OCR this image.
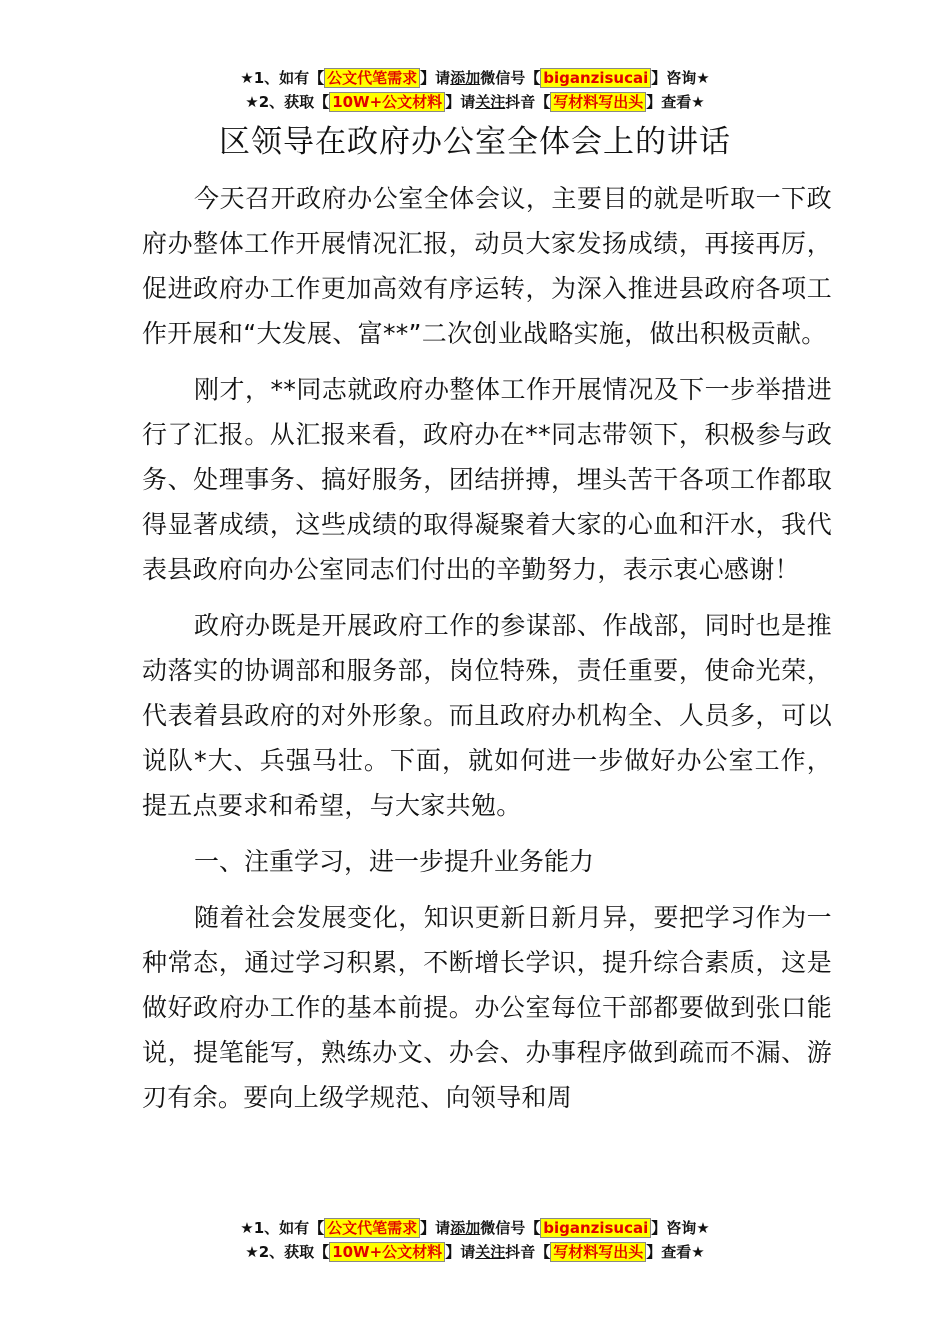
★1、如有【 公文代笔需求 】请添加微信号【 biganzisucai 】咨询★
★2、获取【 10W+公文材料 】请关注抖音【 写材料写出头 】查看★
区领导在政府办公室全体会上的讲话

今天召开政府办公室全体会议，主要目的就是听取一下政府办整体工作开展情况汇报，动员大家发扬成绩，再接再厉，促进政府办工作更加高效有序运转，为深入推进县政府各项工作开展和“大发展、富**”二次创业战略实施，做出积极贡献。

刚才，**同志就政府办整体工作开展情况及下一步举措进行了汇报。从汇报来看，政府办在**同志带领下，积极参与政务、处理事务、搞好服务，团结拼搏，埋头苦干各项工作都取得显著成绩，这些成绩的取得凝聚着大家的心血和汗水，我代表县政府向办公室同志们付出的辛勤努力，表示衷心感谢！

政府办既是开展政府工作的参谋部、作战部，同时也是推动落实的协调部和服务部，岗位特殊，责任重要，使命光荣，代表着县政府的对外形象。而且政府办机构全、人员多，可以说队*大、兵强马壮。下面，就如何进一步做好办公室工作，提五点要求和希望，与大家共勉。

一、注重学习，进一步提升业务能力

随着社会发展变化，知识更新日新月异，要把学习作为一种常态，通过学习积累，不断增长学识，提升综合素质，这是做好政府办工作的基本前提。办公室每位干部都要做到张口能说，提笔能写，熟练办文、办会、办事程序做到疏而不漏、游刃有余。要向上级学规范、向领导和周

★1、如有【 公文代笔需求 】请添加微信号【 biganzisucai 】咨询★
★2、获取【 10W+公文材料 】请关注抖音【 写材料写出头 】查看★
